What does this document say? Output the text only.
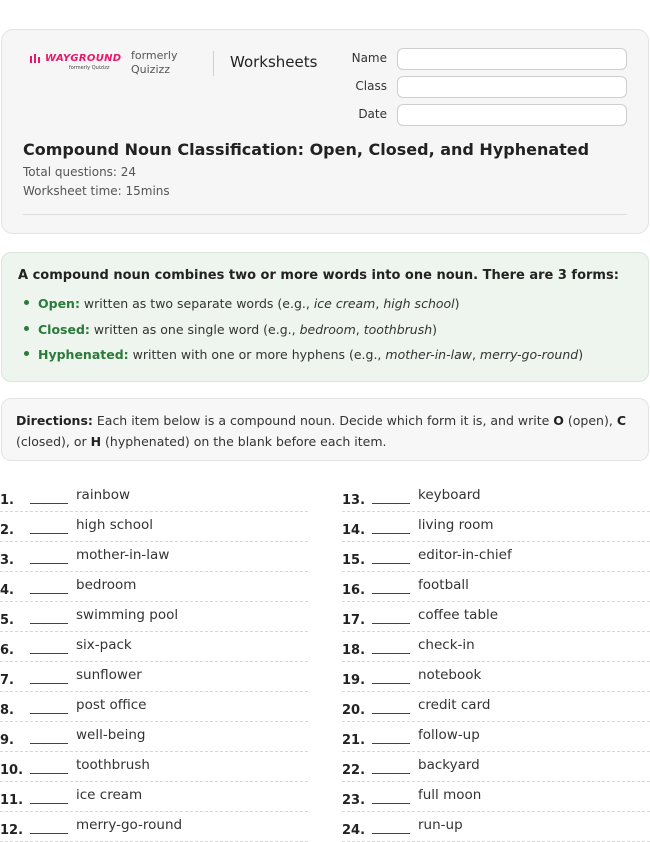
WAYGROUND
formerly Quizizz
formerly
Quizizz	Worksheets	Name
Class
Date
Compound Noun Classification: Open, Closed, and Hyphenated
Total questions: 24
Worksheet time: 15mins
A compound noun combines two or more words into one noun. There are 3 forms:
Open: written as two separate words (e.g., ice cream, high school)
Closed: written as one single word (e.g., bedroom, toothbrush)
Hyphenated: written with one or more hyphens (e.g., mother-in-law, merry-go-round)
Directions: Each item below is a compound noun. Decide which form it is, and write O (open), C (closed), or H (hyphenated) on the blank before each item.
1.	rainbow
2.	high school
3.	mother-in-law
4.	bedroom
5.	swimming pool
6.	six-pack
7.	sunflower
8.	post office
9.	well-being
10.	toothbrush
11.	ice cream
12.	merry-go-round
13.	keyboard
14.	living room
15.	editor-in-chief
16.	football
17.	coffee table
18.	check-in
19.	notebook
20.	credit card
21.	follow-up
22.	backyard
23.	full moon
24.	run-up
